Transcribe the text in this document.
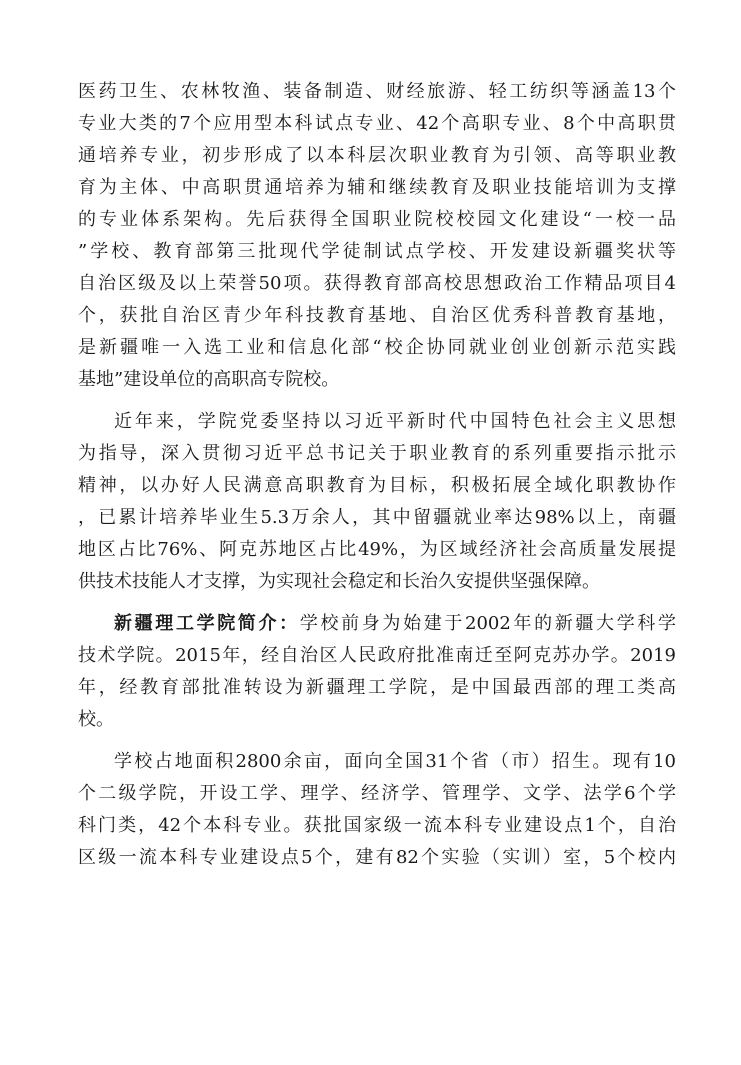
医药卫生、农林牧渔、装备制造、财经旅游、轻工纺织等涵盖13个
专业大类的7个应用型本科试点专业、42个高职专业、8个中高职贯
通培养专业，初步形成了以本科层次职业教育为引领、高等职业教
育为主体、中高职贯通培养为辅和继续教育及职业技能培训为支撑
的专业体系架构。先后获得全国职业院校校园文化建设“一校一品
”学校、教育部第三批现代学徒制试点学校、开发建设新疆奖状等
自治区级及以上荣誉50项。获得教育部高校思想政治工作精品项目4
个，获批自治区青少年科技教育基地、自治区优秀科普教育基地，
是新疆唯一入选工业和信息化部“校企协同就业创业创新示范实践
基地”建设单位的高职高专院校。
近年来，学院党委坚持以习近平新时代中国特色社会主义思想
为指导，深入贯彻习近平总书记关于职业教育的系列重要指示批示
精神，以办好人民满意高职教育为目标，积极拓展全域化职教协作
，已累计培养毕业生5.3万余人，其中留疆就业率达98%以上，南疆
地区占比76%、阿克苏地区占比49%，为区域经济社会高质量发展提
供技术技能人才支撑，为实现社会稳定和长治久安提供坚强保障。
新疆理工学院简介：学校前身为始建于2002年的新疆大学科学
技术学院。2015年，经自治区人民政府批准南迁至阿克苏办学。2019
年，经教育部批准转设为新疆理工学院，是中国最西部的理工类高
校。
学校占地面积2800余亩，面向全国31个省（市）招生。现有10
个二级学院，开设工学、理学、经济学、管理学、文学、法学6个学
科门类，42个本科专业。获批国家级一流本科专业建设点1个，自治
区级一流本科专业建设点5个，建有82个实验（实训）室，5个校内
